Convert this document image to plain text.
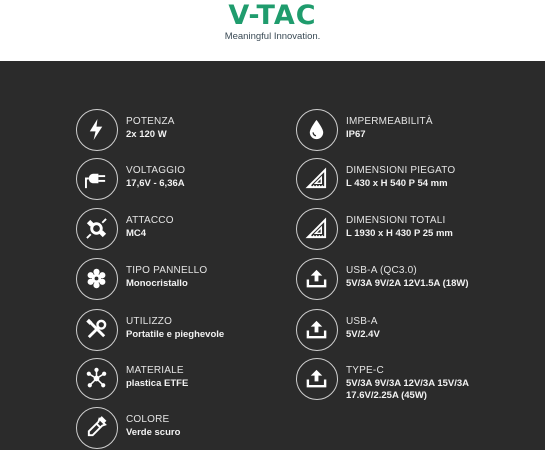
V-TAC
Meaningful Innovation.
POTENZA
2x 120 W
VOLTAGGIO
17,6V - 6,36A
ATTACCO
MC4
TIPO PANNELLO
Monocristallo
UTILIZZO
Portatile e pieghevole
MATERIALE
plastica ETFE
COLORE
Verde scuro
IMPERMEABILITÀ
IP67
DIMENSIONI PIEGATO
L 430 x H 540 P 54 mm
DIMENSIONI TOTALI
L 1930 x H 430 P 25 mm
USB-A (QC3.0)
5V/3A 9V/2A 12V1.5A (18W)
USB-A
5V/2.4V
TYPE-C
5V/3A 9V/3A 12V/3A 15V/3A
17.6V/2.25A (45W)
